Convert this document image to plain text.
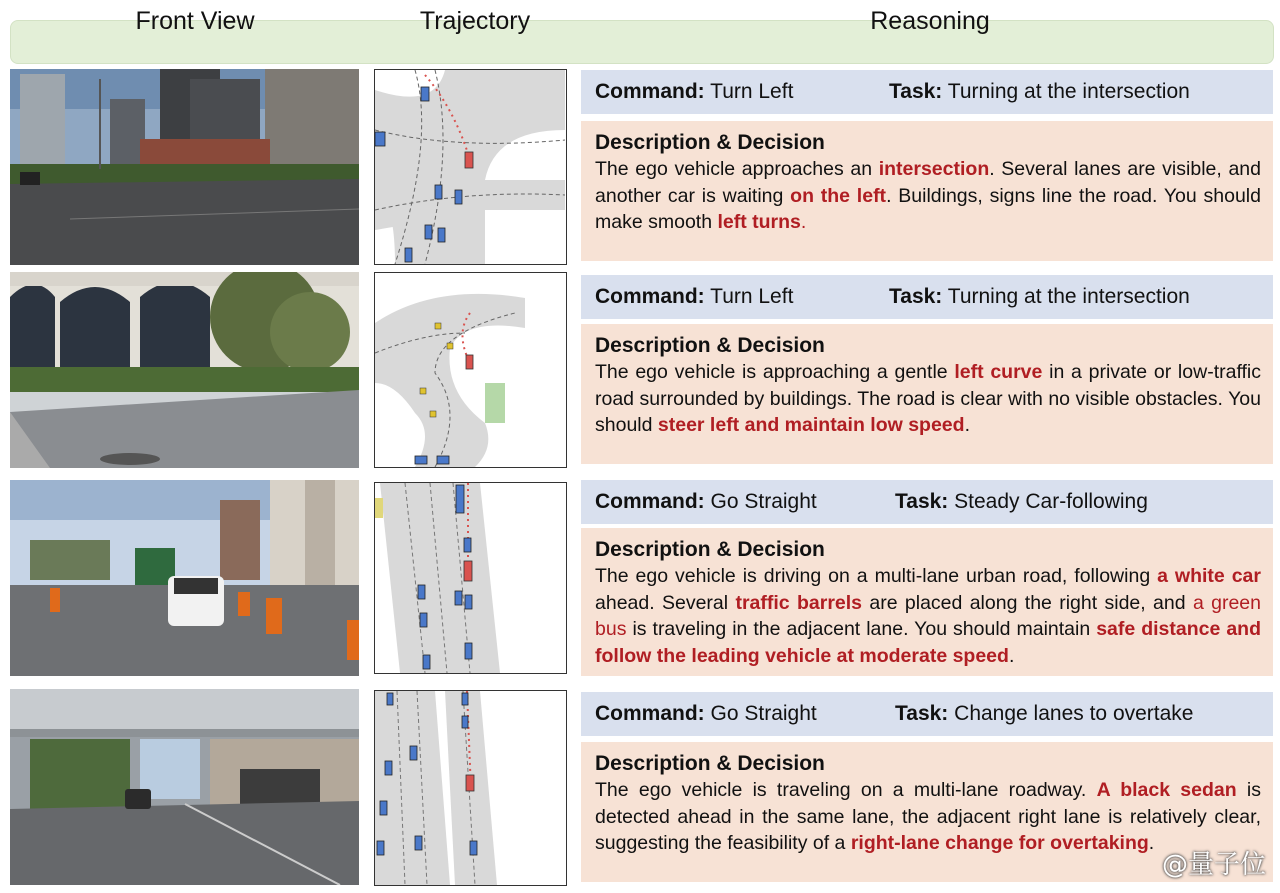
Front View	Trajectory	Reasoning
Command: Turn Left	Task: Turning at the intersection
Description & Decision
The ego vehicle approaches an intersection. Several lanes are visible, and another car is waiting on the left. Buildings, signs line the road. You should make smooth left turns.
Command: Turn Left	Task: Turning at the intersection
Description & Decision
The ego vehicle is approaching a gentle left curve in a private or low-traffic road surrounded by buildings. The road is clear with no visible obstacles. You should steer left and maintain low speed.
Command: Go Straight	Task: Steady Car-following
Description & Decision
The ego vehicle is driving on a multi-lane urban road, following a white car ahead. Several traffic barrels are placed along the right side, and a green bus is traveling in the adjacent lane. You should maintain safe distance and follow the leading vehicle at moderate speed.
Command: Go Straight	Task: Change lanes to overtake
Description & Decision
The ego vehicle is traveling on a multi-lane roadway. A black sedan is detected ahead in the same lane, the adjacent right lane is relatively clear, suggesting the feasibility of a right-lane change for overtaking.
@量子位
